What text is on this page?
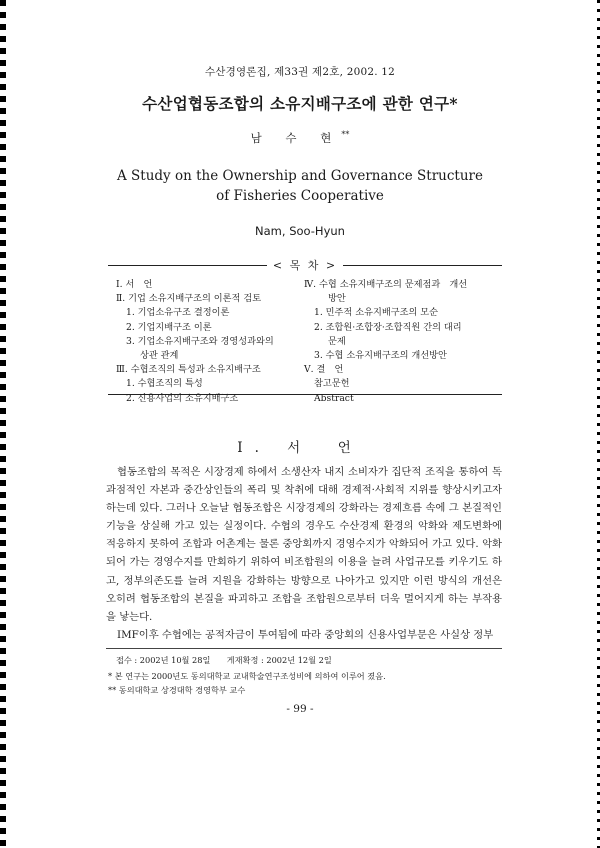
수산경영론집, 제33권 제2호, 2002. 12
수산업협동조합의 소유지배구조에 관한 연구*
남 수 현**
A Study on the Ownership and Governance Structure
of Fisheries Cooperative
Nam, Soo-Hyun
< 목 차 >
Ⅰ. 서　언
Ⅱ. 기업 소유지배구조의 이론적 검토
1. 기업소유구조 결정이론
2. 기업지배구조 이론
3. 기업소유지배구조와 경영성과와의
상관 관계
Ⅲ. 수협조직의 특성과 소유지배구조
1. 수협조직의 특성
2. 신용사업의 소유지배구조
Ⅳ. 수협 소유지배구조의 문제점과　개선
방안
1. 민주적 소유지배구조의 모순
2. 조합원·조합장·조합직원 간의 대리
문제
3. 수협 소유지배구조의 개선방안
Ⅴ. 결　언
참고문헌
Abstract
Ⅰ. 서　언

협동조합의 목적은 시장경제 하에서 소생산자 내지 소비자가 집단적 조직을 통하여 독과점적인 자본과 중간상인들의 폭리 및 착취에 대해 경제적·사회적 지위를 향상시키고자 하는데 있다. 그러나 오늘날 협동조합은 시장경제의 강화라는 경제흐름 속에 그 본질적인 기능을 상실해 가고 있는 실정이다. 수협의 경우도 수산경제 환경의 악화와 제도변화에 적응하지 못하여 조합과 어촌계는 물론 중앙회까지 경영수지가 악화되어 가고 있다. 악화되어 가는 경영수지를 만회하기 위하여 비조합원의 이용을 늘려 사업규모를 키우기도 하고, 정부의존도를 늘려 지원을 강화하는 방향으로 나아가고 있지만 이런 방식의 개선은 오히려 협동조합의 본질을 파괴하고 조합을 조합원으로부터 더욱 멀어지게 하는 부작용을 낳는다.

IMF이후 수협에는 공적자금이 투여됨에 따라 중앙회의 신용사업부문은 사실상 정부

접수 : 2002년 10월 28일　　게재확정 : 2002년 12월 2일
* 본 연구는 2000년도 동의대학교 교내학술연구조성비에 의하여 이루어 졌음.
** 동의대학교 상경대학 경영학부 교수
- 99 -
